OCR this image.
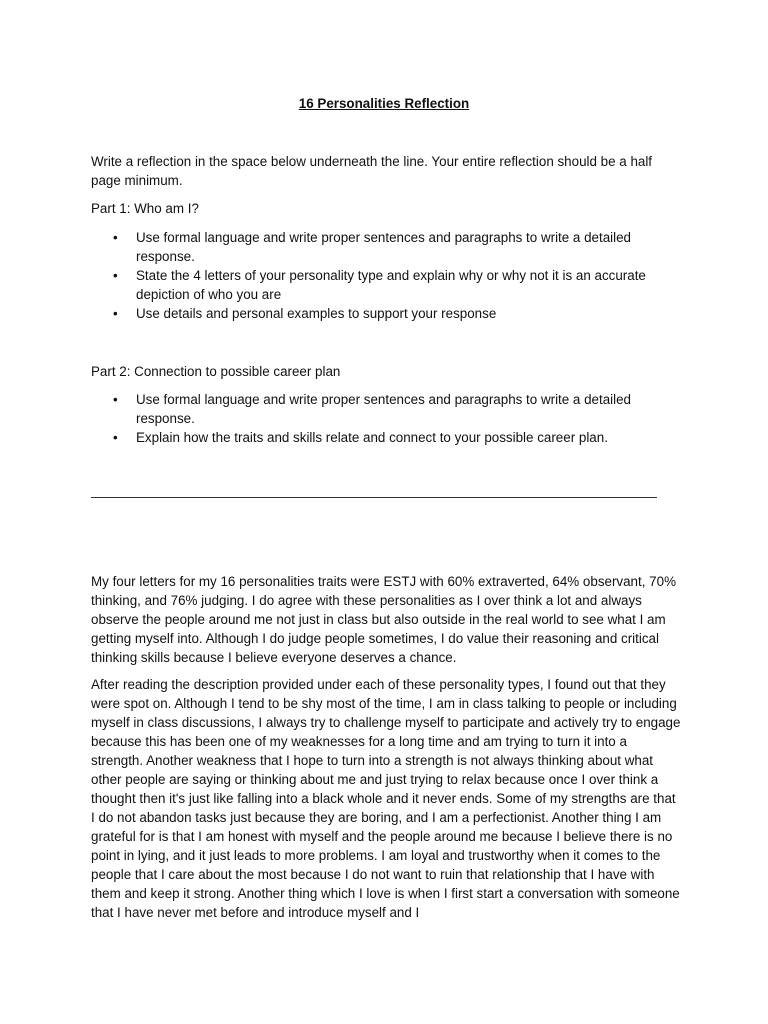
16 Personalities Reflection
Write a reflection in the space below underneath the line. Your entire reflection should be a half page minimum.
Part 1: Who am I?
• Use formal language and write proper sentences and paragraphs to write a detailed response.
• State the 4 letters of your personality type and explain why or why not it is an accurate depiction of who you are
• Use details and personal examples to support your response
Part 2: Connection to possible career plan
• Use formal language and write proper sentences and paragraphs to write a detailed response.
• Explain how the traits and skills relate and connect to your possible career plan.

My four letters for my 16 personalities traits were ESTJ with 60% extraverted, 64% observant, 70% thinking, and 76% judging. I do agree with these personalities as I over think a lot and always observe the people around me not just in class but also outside in the real world to see what I am getting myself into. Although I do judge people sometimes, I do value their reasoning and critical thinking skills because I believe everyone deserves a chance.

After reading the description provided under each of these personality types, I found out that they were spot on. Although I tend to be shy most of the time, I am in class talking to people or including myself in class discussions, I always try to challenge myself to participate and actively try to engage because this has been one of my weaknesses for a long time and am trying to turn it into a strength. Another weakness that I hope to turn into a strength is not always thinking about what other people are saying or thinking about me and just trying to relax because once I over think a thought then it's just like falling into a black whole and it never ends. Some of my strengths are that I do not abandon tasks just because they are boring, and I am a perfectionist. Another thing I am grateful for is that I am honest with myself and the people around me because I believe there is no point in lying, and it just leads to more problems. I am loyal and trustworthy when it comes to the people that I care about the most because I do not want to ruin that relationship that I have with them and keep it strong. Another thing which I love is when I first start a conversation with someone that I have never met before and introduce myself and I
